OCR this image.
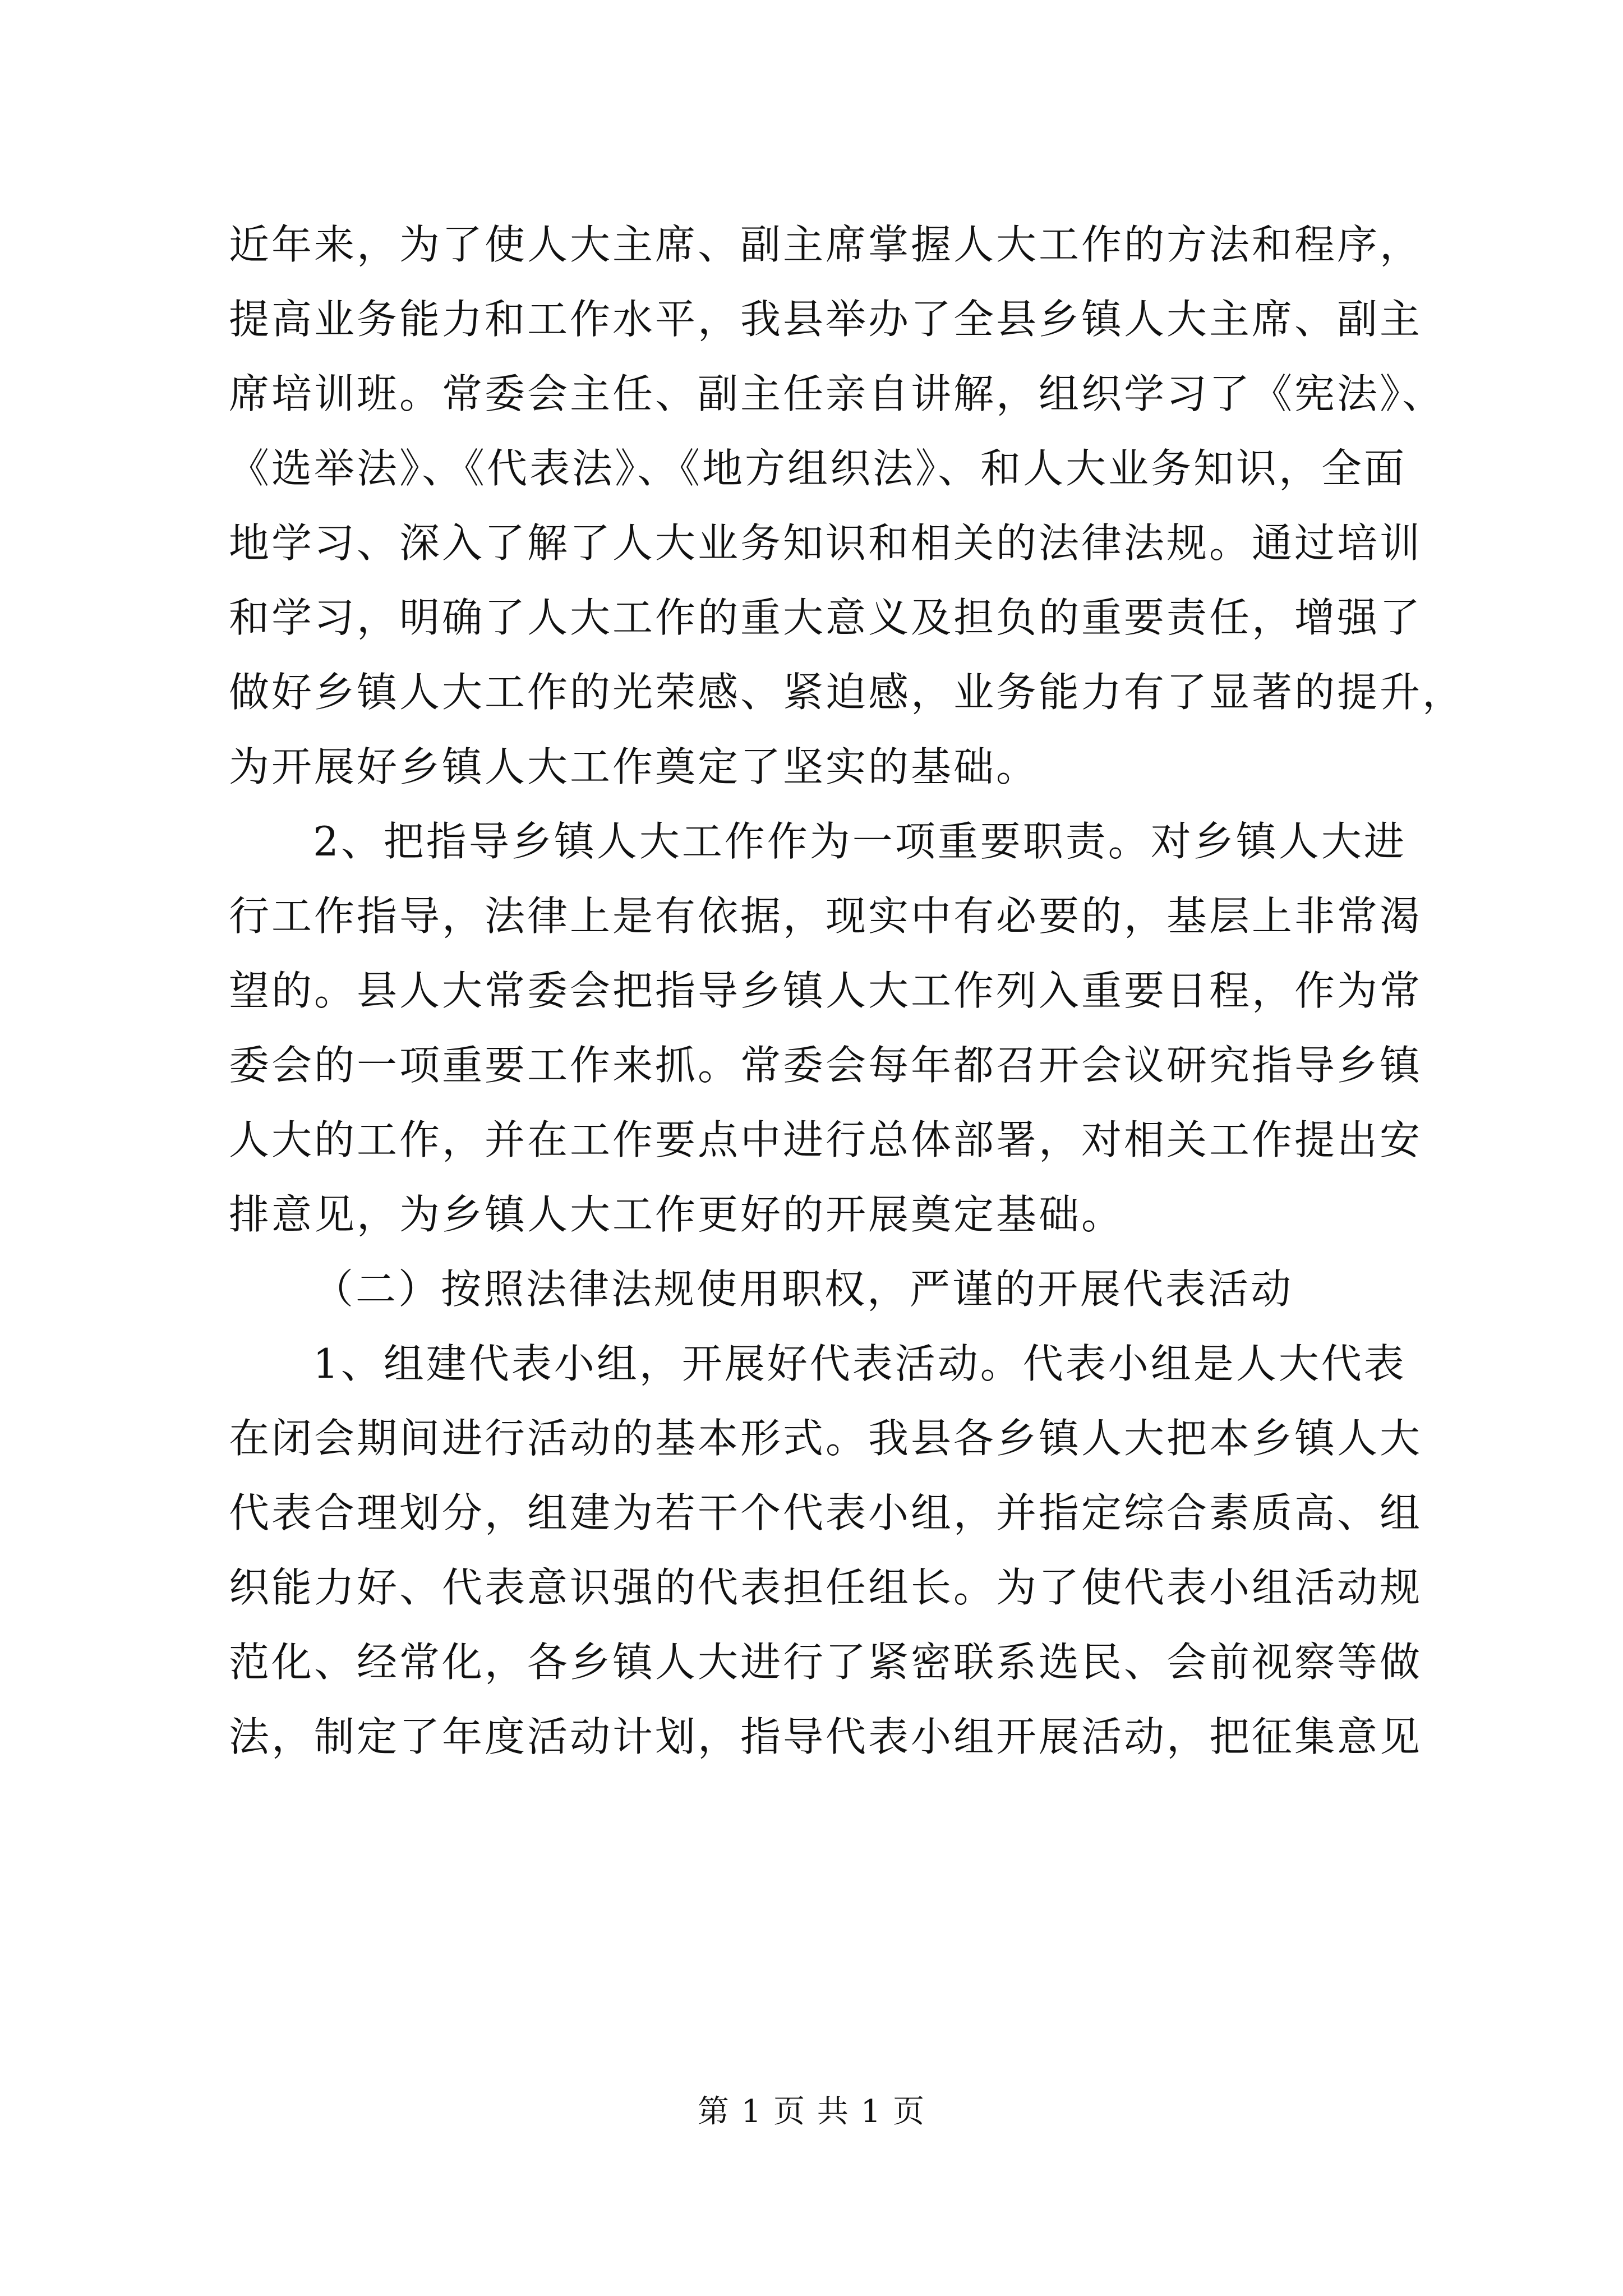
近年来，为了使人大主席、副主席掌握人大工作的方法和程序，
提高业务能力和工作水平，我县举办了全县乡镇人大主席、副主
席培训班。常委会主任、副主任亲自讲解，组织学习了《宪法》、
《选举法》、《代表法》、《地方组织法》、和人大业务知识，全面
地学习、深入了解了人大业务知识和相关的法律法规。通过培训
和学习，明确了人大工作的重大意义及担负的重要责任，增强了
做好乡镇人大工作的光荣感、紧迫感，业务能力有了显著的提升，
为开展好乡镇人大工作奠定了坚实的基础。
2、把指导乡镇人大工作作为一项重要职责。对乡镇人大进
行工作指导，法律上是有依据，现实中有必要的，基层上非常渴
望的。县人大常委会把指导乡镇人大工作列入重要日程，作为常
委会的一项重要工作来抓。常委会每年都召开会议研究指导乡镇
人大的工作，并在工作要点中进行总体部署，对相关工作提出安
排意见，为乡镇人大工作更好的开展奠定基础。
（二）按照法律法规使用职权，严谨的开展代表活动
1、组建代表小组，开展好代表活动。代表小组是人大代表
在闭会期间进行活动的基本形式。我县各乡镇人大把本乡镇人大
代表合理划分，组建为若干个代表小组，并指定综合素质高、组
织能力好、代表意识强的代表担任组长。为了使代表小组活动规
范化、经常化，各乡镇人大进行了紧密联系选民、会前视察等做
法，制定了年度活动计划，指导代表小组开展活动，把征集意见
第 1 页 共 1 页
